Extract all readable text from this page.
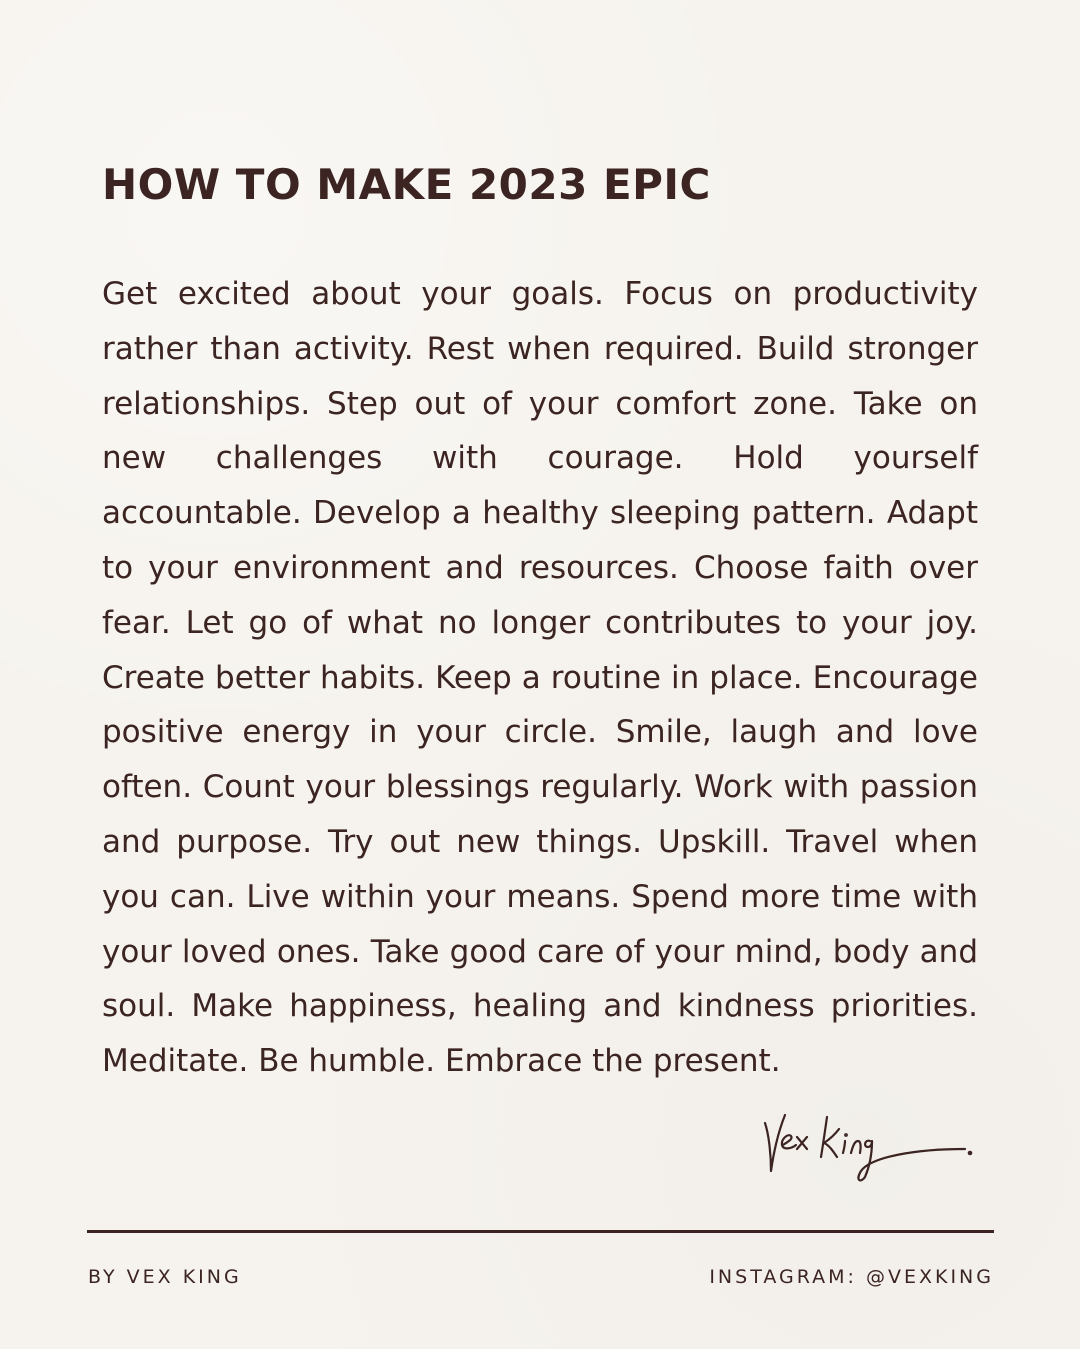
HOW TO MAKE 2023 EPIC

Get excited about your goals. Focus on productivity rather than activity. Rest when required. Build stronger relationships. Step out of your comfort zone. Take on new challenges with courage. Hold yourself accountable. Develop a healthy sleeping pattern. Adapt to your environment and resources. Choose faith over fear. Let go of what no longer contributes to your joy. Create better habits. Keep a routine in place. Encourage positive energy in your circle. Smile, laugh and love often. Count your blessings regularly. Work with passion and purpose. Try out new things. Upskill. Travel when you can. Live within your means. Spend more time with your loved ones. Take good care of your mind, body and soul. Make happiness, healing and kindness priorities. Meditate. Be humble. Embrace the present.

BY VEX KING	INSTAGRAM: @VEXKING
